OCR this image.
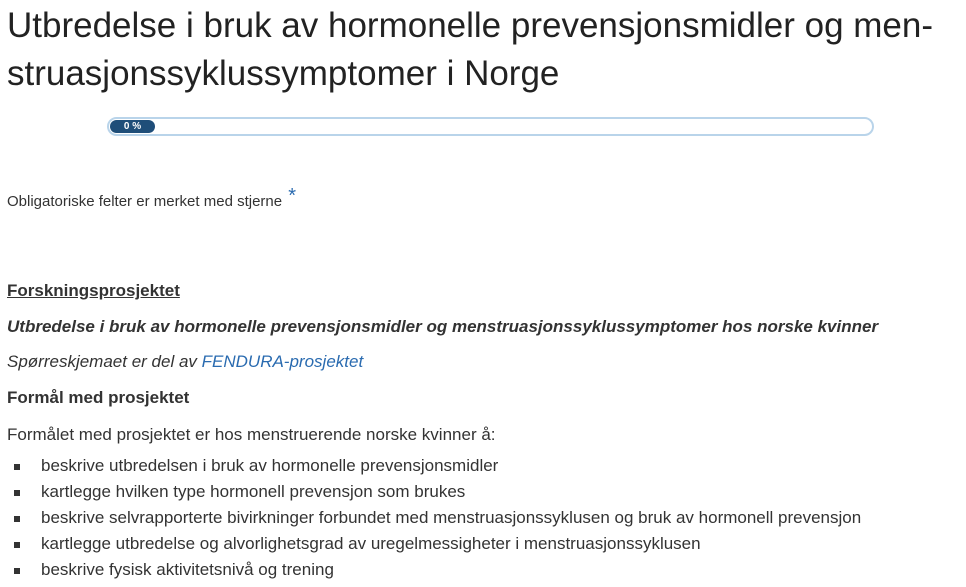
Utbredelse i bruk av hormonelle prevensjonsmidler og men-struasjonssyklussymptomer i Norge
0 %
Obligatoriske felter er merket med stjerne *
Forskningsprosjektet
Utbredelse i bruk av hormonelle prevensjonsmidler og menstruasjonssyklussymptomer hos norske kvinner
Spørreskjemaet er del av FENDURA-prosjektet
Formål med prosjektet
Formålet med prosjektet er hos menstruerende norske kvinner å:
beskrive utbredelsen i bruk av hormonelle prevensjonsmidler
kartlegge hvilken type hormonell prevensjon som brukes
beskrive selvrapporterte bivirkninger forbundet med menstruasjonssyklusen og bruk av hormonell prevensjon
kartlegge utbredelse og alvorlighetsgrad av uregelmessigheter i menstruasjonssyklusen
beskrive fysisk aktivitetsnivå og trening
